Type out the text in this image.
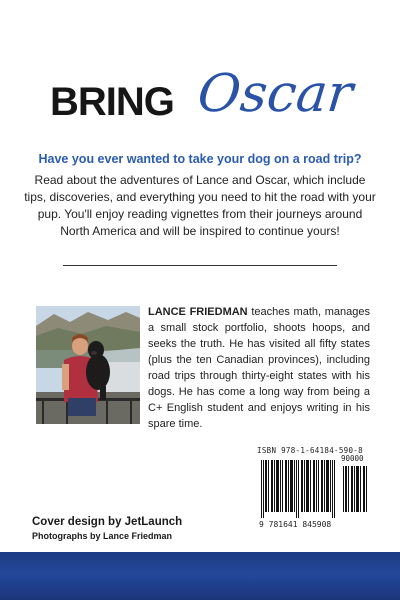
BRING Oscar
Have you ever wanted to take your dog on a road trip?
Read about the adventures of Lance and Oscar, which include tips, discoveries, and everything you need to hit the road with your pup. You'll enjoy reading vignettes from their journeys around North America and will be inspired to continue yours!
LANCE FRIEDMAN teaches math, manages a small stock portfolio, shoots hoops, and seeks the truth. He has visited all fifty states (plus the ten Canadian provinces), including road trips through thirty-eight states with his dogs. He has come a long way from being a C+ English student and enjoys writing in his spare time.
ISBN 978-1-64184-590-8
90000
9 781641 845908
Cover design by JetLaunch
Photographs by Lance Friedman
